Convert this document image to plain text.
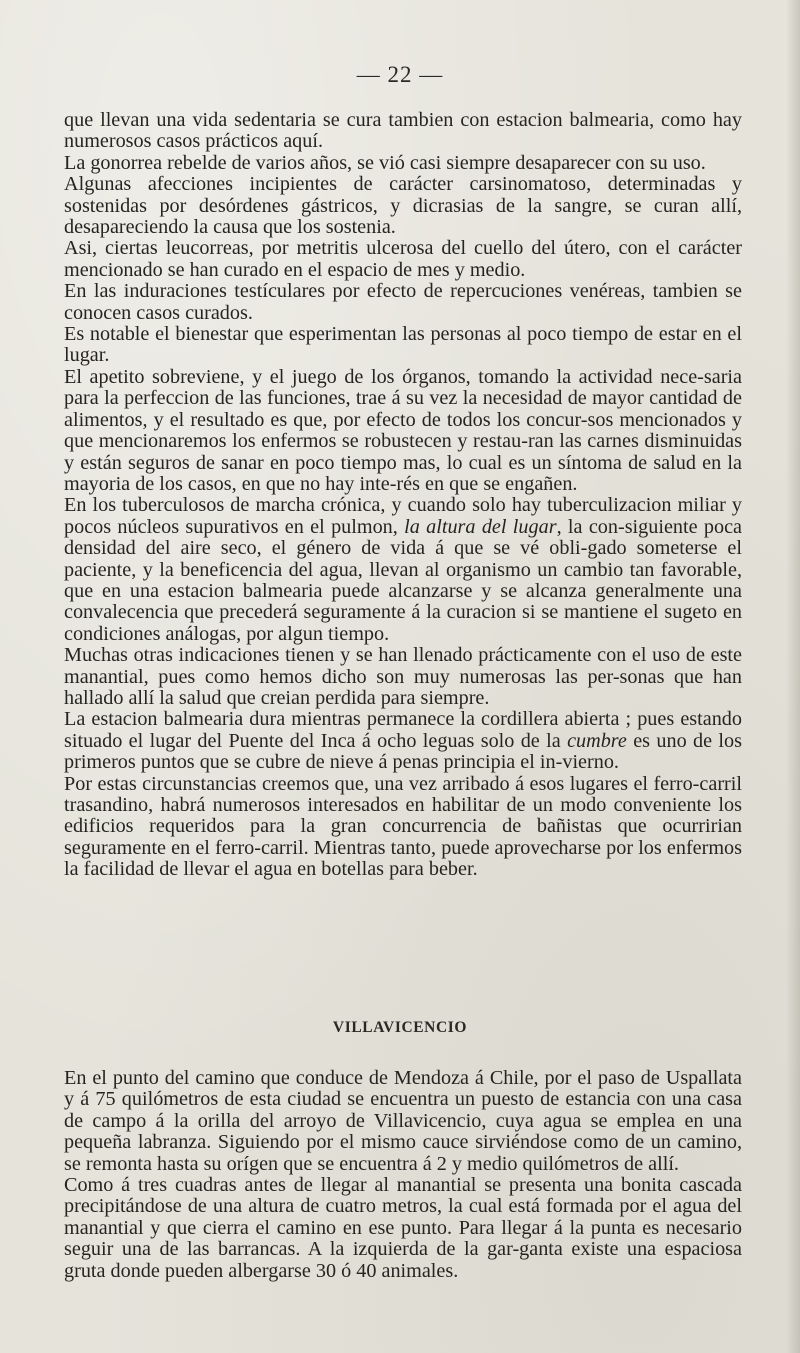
— 22 —

que llevan una vida sedentaria se cura tambien con estacion balmearia, como hay numerosos casos prácticos aquí.

La gonorrea rebelde de varios años, se vió casi siempre desaparecer con su uso.

Algunas afecciones incipientes de carácter carsinomatoso, determinadas y sostenidas por desórdenes gástricos, y dicrasias de la sangre, se curan allí, desapareciendo la causa que los sostenia.

Asi, ciertas leucorreas, por metritis ulcerosa del cuello del útero, con el carácter mencionado se han curado en el espacio de mes y medio.

En las induraciones testículares por efecto de repercuciones venéreas, tambien se conocen casos curados.

Es notable el bienestar que esperimentan las personas al poco tiempo de estar en el lugar.

El apetito sobreviene, y el juego de los órganos, tomando la actividad nece-saria para la perfeccion de las funciones, trae á su vez la necesidad de mayor cantidad de alimentos, y el resultado es que, por efecto de todos los concur-sos mencionados y que mencionaremos los enfermos se robustecen y restau-ran las carnes disminuidas y están seguros de sanar en poco tiempo mas, lo cual es un síntoma de salud en la mayoria de los casos, en que no hay inte-rés en que se engañen.

En los tuberculosos de marcha crónica, y cuando solo hay tuberculizacion miliar y pocos núcleos supurativos en el pulmon, la altura del lugar, la con-siguiente poca densidad del aire seco, el género de vida á que se vé obli-gado someterse el paciente, y la beneficencia del agua, llevan al organismo un cambio tan favorable, que en una estacion balmearia puede alcanzarse y se alcanza generalmente una convalecencia que precederá seguramente á la curacion si se mantiene el sugeto en condiciones análogas, por algun tiempo.

Muchas otras indicaciones tienen y se han llenado prácticamente con el uso de este manantial, pues como hemos dicho son muy numerosas las per-sonas que han hallado allí la salud que creian perdida para siempre.

La estacion balmearia dura mientras permanece la cordillera abierta ; pues estando situado el lugar del Puente del Inca á ocho leguas solo de la cumbre es uno de los primeros puntos que se cubre de nieve á penas principia el in-vierno.

Por estas circunstancias creemos que, una vez arribado á esos lugares el ferro-carril trasandino, habrá numerosos interesados en habilitar de un modo conveniente los edificios requeridos para la gran concurrencia de bañistas que ocurririan seguramente en el ferro-carril. Mientras tanto, puede aprovecharse por los enfermos la facilidad de llevar el agua en botellas para beber.

VILLAVICENCIO

En el punto del camino que conduce de Mendoza á Chile, por el paso de Uspallata y á 75 quilómetros de esta ciudad se encuentra un puesto de estancia con una casa de campo á la orilla del arroyo de Villavicencio, cuya agua se emplea en una pequeña labranza. Siguiendo por el mismo cauce sirviéndose como de un camino, se remonta hasta su orígen que se encuentra á 2 y medio quilómetros de allí.

Como á tres cuadras antes de llegar al manantial se presenta una bonita cascada precipitándose de una altura de cuatro metros, la cual está formada por el agua del manantial y que cierra el camino en ese punto. Para llegar á la punta es necesario seguir una de las barrancas. A la izquierda de la gar-ganta existe una espaciosa gruta donde pueden albergarse 30 ó 40 animales.
